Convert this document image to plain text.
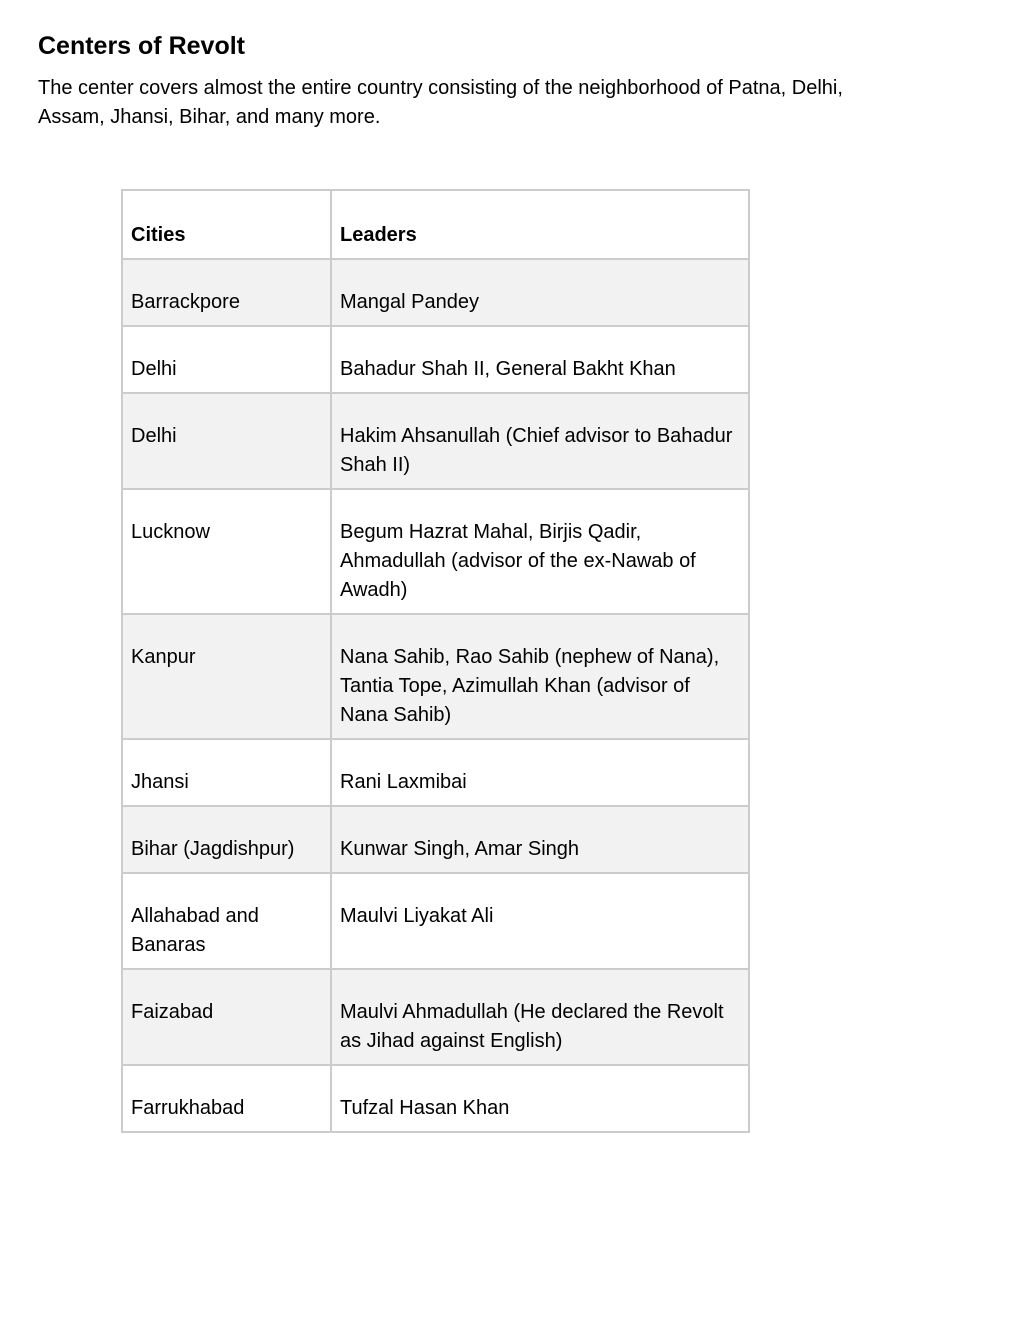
Centers of Revolt

The center covers almost the entire country consisting of the neighborhood of Patna, Delhi, Assam, Jhansi, Bihar, and many more.

Cities	Leaders
Barrackpore	Mangal Pandey
Delhi	Bahadur Shah II, General Bakht Khan
Delhi	Hakim Ahsanullah (Chief advisor to Bahadur Shah II)
Lucknow	Begum Hazrat Mahal, Birjis Qadir, Ahmadullah (advisor of the ex-Nawab of Awadh)
Kanpur	Nana Sahib, Rao Sahib (nephew of Nana), Tantia Tope, Azimullah Khan (advisor of Nana Sahib)
Jhansi	Rani Laxmibai
Bihar (Jagdishpur)	Kunwar Singh, Amar Singh
Allahabad and Banaras	Maulvi Liyakat Ali
Faizabad	Maulvi Ahmadullah (He declared the Revolt as Jihad against English)
Farrukhabad	Tufzal Hasan Khan
